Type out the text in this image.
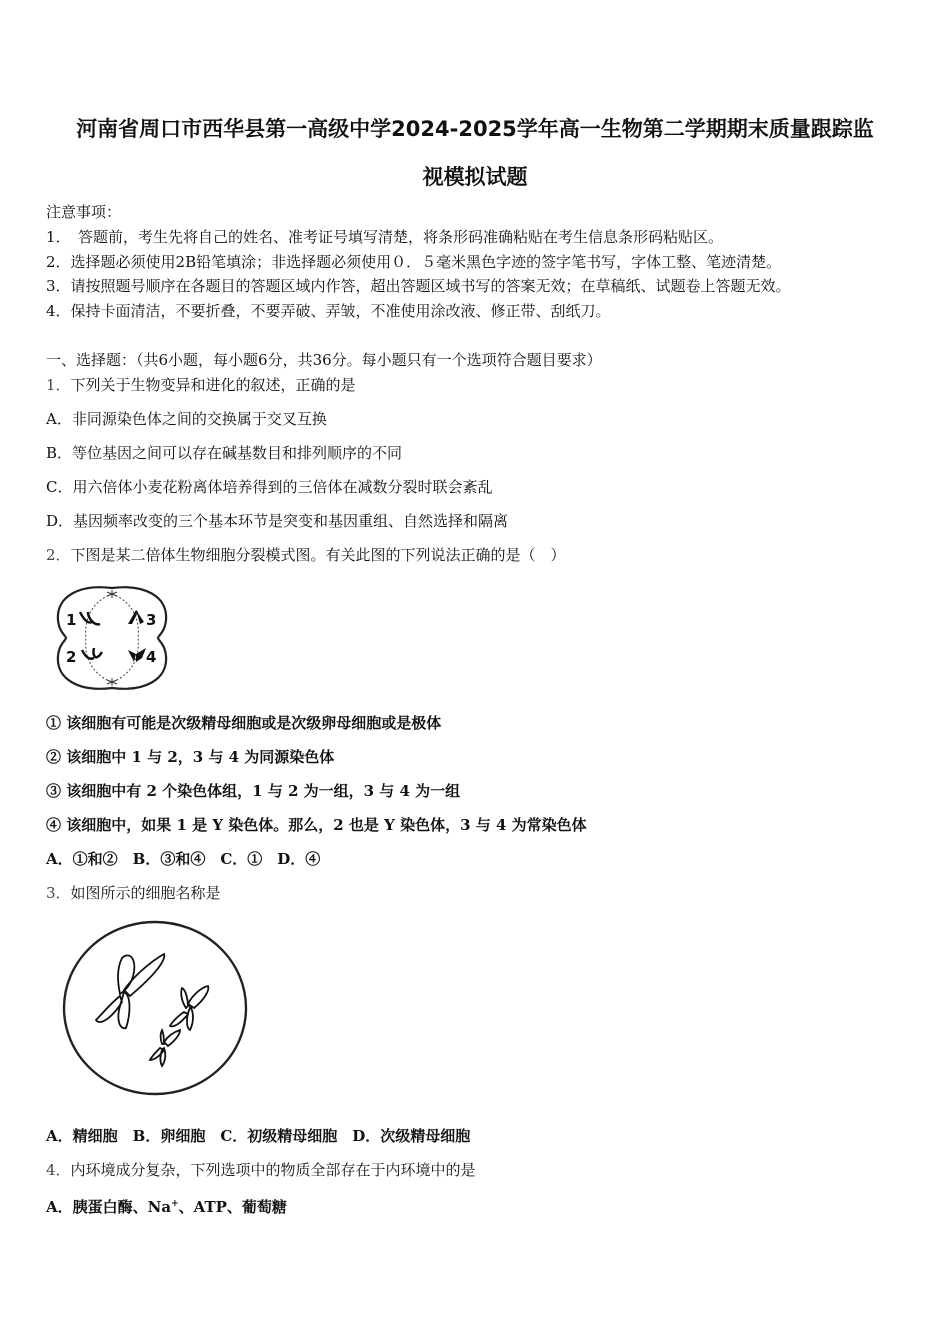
河南省周口市西华县第一高级中学2024-2025学年高一生物第二学期期末质量跟踪监
视模拟试题
注意事项：
1．　答题前，考生先将自己的姓名、准考证号填写清楚，将条形码准确粘贴在考生信息条形码粘贴区。
2．选择题必须使用2B铅笔填涂；非选择题必须使用０．５毫米黑色字迹的签字笔书写，字体工整、笔迹清楚。
3．请按照题号顺序在各题目的答题区域内作答，超出答题区域书写的答案无效；在草稿纸、试题卷上答题无效。
4．保持卡面清洁，不要折叠，不要弄破、弄皱，不准使用涂改液、修正带、刮纸刀。
一、选择题：（共6小题，每小题6分，共36分。每小题只有一个选项符合题目要求）
1．下列关于生物变异和进化的叙述，正确的是
A．非同源染色体之间的交换属于交叉互换
B．等位基因之间可以存在碱基数目和排列顺序的不同
C．用六倍体小麦花粉离体培养得到的三倍体在减数分裂时联会紊乱
D．基因频率改变的三个基本环节是突变和基因重组、自然选择和隔离
2．下图是某二倍体生物细胞分裂模式图。有关此图的下列说法正确的是（　）
1
2
3
4
① 该细胞有可能是次级精母细胞或是次级卵母细胞或是极体
② 该细胞中 1 与 2，3 与 4 为同源染色体
③ 该细胞中有 2 个染色体组，1 与 2 为一组，3 与 4 为一组
④ 该细胞中，如果 1 是 Y 染色体。那么，2 也是 Y 染色体，3 与 4 为常染色体
A．①和②　B．③和④　C．①　D．④
3．如图所示的细胞名称是
A．精细胞　B．卵细胞　C．初级精母细胞　D．次级精母细胞
4．内环境成分复杂，下列选项中的物质全部存在于内环境中的是
A．胰蛋白酶、Na+、ATP、葡萄糖
